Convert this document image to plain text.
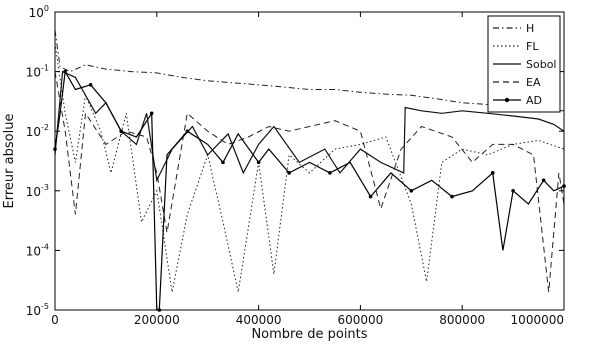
0	200000	400000	600000	800000 1000000
$10^0$
$10^{-1}$
$10^{-2}$
$10^{-3}$
$10^{-4}$
$10^{-5}$
Nombre de points
Erreur absolue
H
FL
Sobol
EA
AD
